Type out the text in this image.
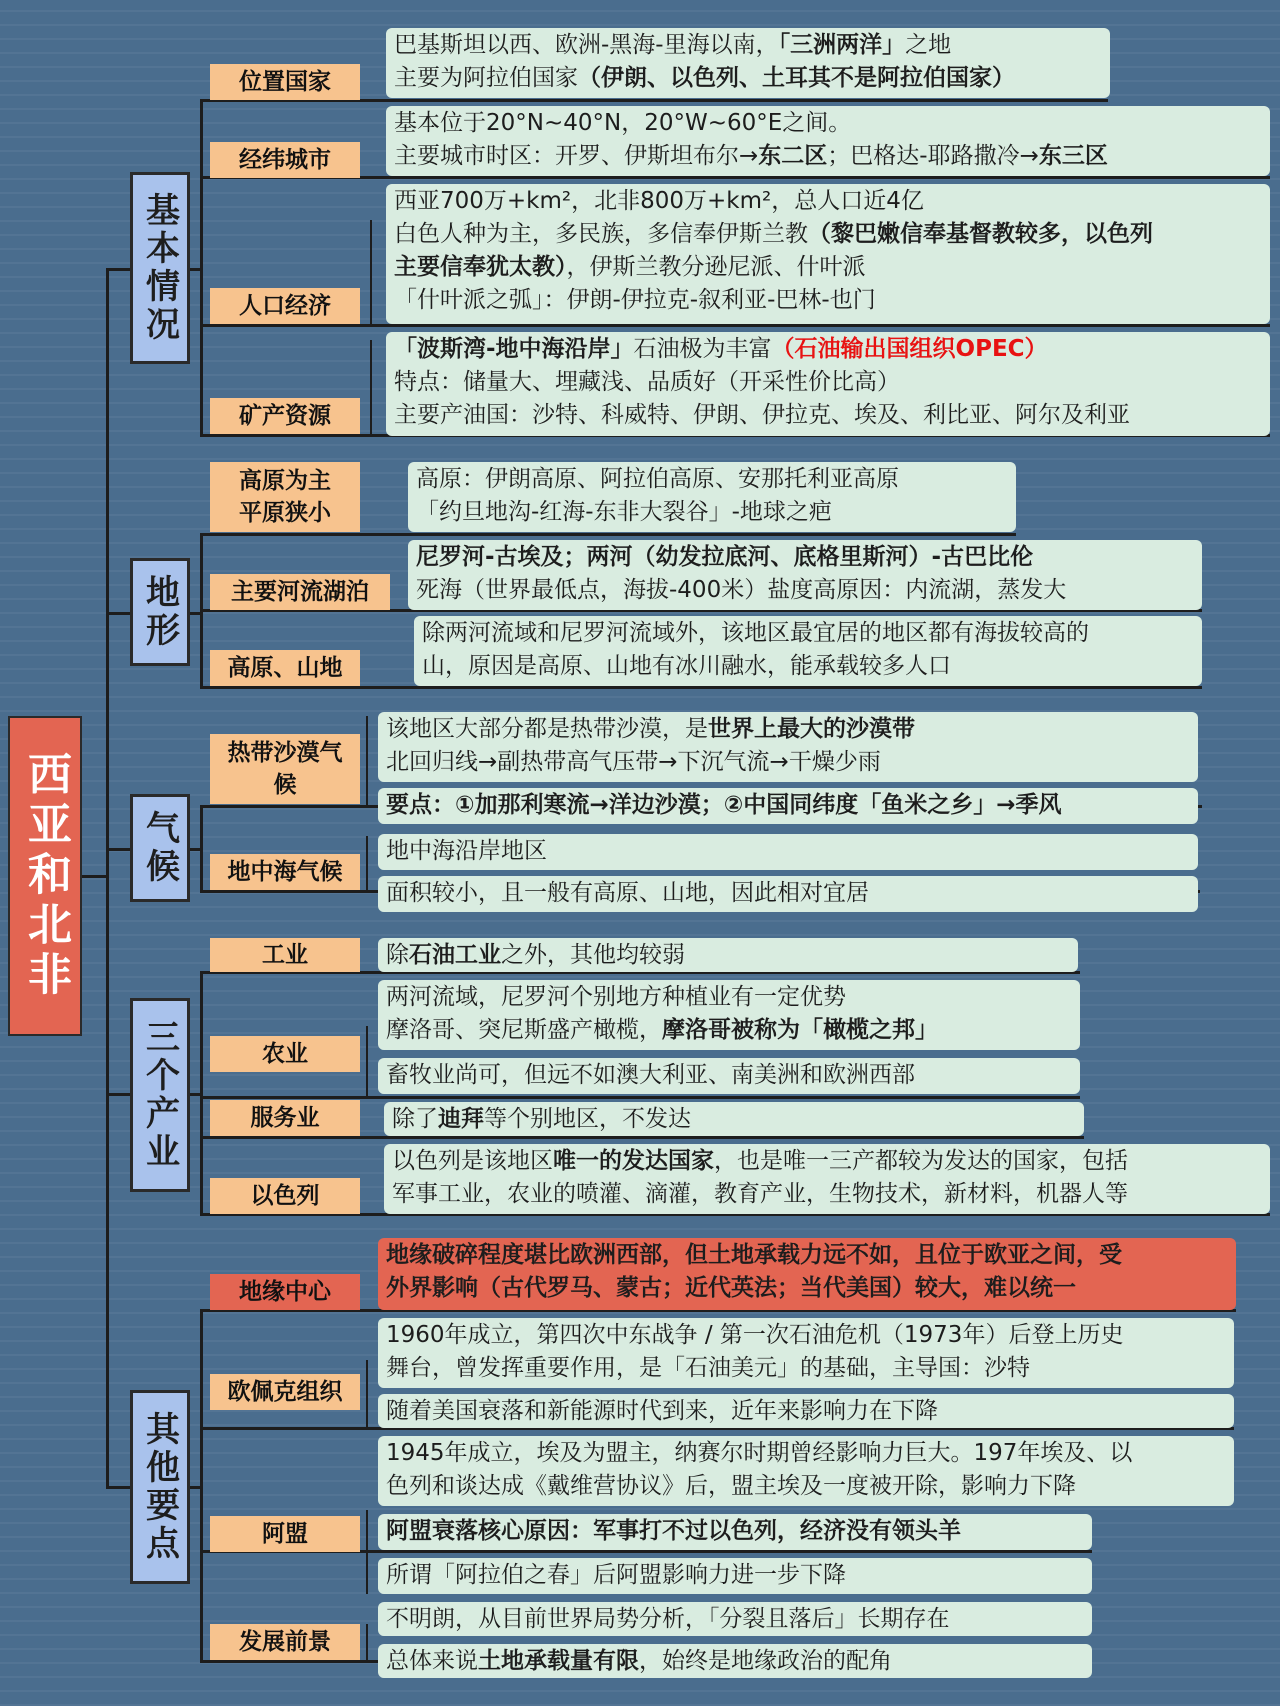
西亚和北非
基本情况
地形
气候
三个产业
其他要点
位置国家
经纬城市
人口经济
矿产资源
高原为主
平原狭小
主要河流湖泊
高原、山地
热带沙漠气
候
地中海气候
工业
农业
服务业
以色列
地缘中心
欧佩克组织
阿盟
发展前景
巴基斯坦以西、欧洲-黑海-里海以南，「三洲两洋」之地
主要为阿拉伯国家（伊朗、以色列、土耳其不是阿拉伯国家）
基本位于20°N~40°N，20°W~60°E之间。
主要城市时区：开罗、伊斯坦布尔→东二区；巴格达-耶路撒冷→东三区
西亚700万+km²，北非800万+km²，总人口近4亿
白色人种为主，多民族，多信奉伊斯兰教（黎巴嫩信奉基督教较多，以色列
主要信奉犹太教），伊斯兰教分逊尼派、什叶派
「什叶派之弧」：伊朗-伊拉克-叙利亚-巴林-也门
「波斯湾-地中海沿岸」石油极为丰富（石油输出国组织OPEC）
特点：储量大、埋藏浅、品质好（开采性价比高）
主要产油国：沙特、科威特、伊朗、伊拉克、埃及、利比亚、阿尔及利亚
高原：伊朗高原、阿拉伯高原、安那托利亚高原
「约旦地沟-红海-东非大裂谷」-地球之疤
尼罗河-古埃及；两河（幼发拉底河、底格里斯河）-古巴比伦
死海（世界最低点，海拔-400米）盐度高原因：内流湖，蒸发大
除两河流域和尼罗河流域外，该地区最宜居的地区都有海拔较高的
山，原因是高原、山地有冰川融水，能承载较多人口
该地区大部分都是热带沙漠，是世界上最大的沙漠带
北回归线→副热带高气压带→下沉气流→干燥少雨
要点：①加那利寒流→洋边沙漠；②中国同纬度「鱼米之乡」→季风
地中海沿岸地区
面积较小，且一般有高原、山地，因此相对宜居
除石油工业之外，其他均较弱
两河流域，尼罗河个别地方种植业有一定优势
摩洛哥、突尼斯盛产橄榄，摩洛哥被称为「橄榄之邦」
畜牧业尚可，但远不如澳大利亚、南美洲和欧洲西部
除了迪拜等个别地区，不发达
以色列是该地区唯一的发达国家，也是唯一三产都较为发达的国家，包括
军事工业，农业的喷灌、滴灌，教育产业，生物技术，新材料，机器人等
地缘破碎程度堪比欧洲西部，但土地承载力远不如，且位于欧亚之间，受
外界影响（古代罗马、蒙古；近代英法；当代美国）较大，难以统一
1960年成立，第四次中东战争 / 第一次石油危机（1973年）后登上历史
舞台，曾发挥重要作用，是「石油美元」的基础，主导国：沙特
随着美国衰落和新能源时代到来，近年来影响力在下降
1945年成立，埃及为盟主，纳赛尔时期曾经影响力巨大。197年埃及、以
色列和谈达成《戴维营协议》后，盟主埃及一度被开除，影响力下降
阿盟衰落核心原因：军事打不过以色列，经济没有领头羊
所谓「阿拉伯之春」后阿盟影响力进一步下降
不明朗，从目前世界局势分析，「分裂且落后」长期存在
总体来说土地承载量有限，始终是地缘政治的配角
